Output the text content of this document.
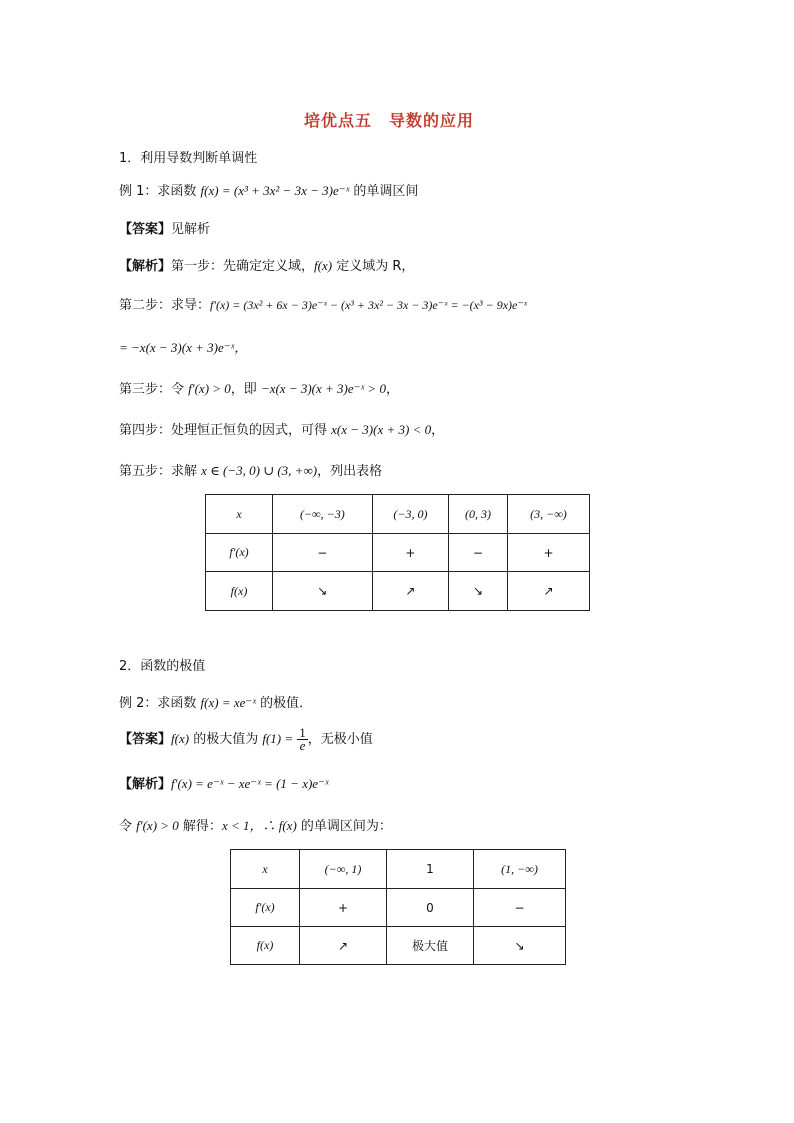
培优点五　导数的应用
1．利用导数判断单调性
例 1：求函数 f(x) = (x³ + 3x² − 3x − 3)e⁻ˣ 的单调区间
【答案】见解析
【解析】第一步：先确定定义域，f(x) 定义域为 R，
第二步：求导：f′(x) = (3x² + 6x − 3)e⁻ˣ − (x³ + 3x² − 3x − 3)e⁻ˣ = −(x³ − 9x)e⁻ˣ
= −x(x − 3)(x + 3)e⁻ˣ，
第三步：令 f′(x) > 0，即 −x(x − 3)(x + 3)e⁻ˣ > 0，
第四步：处理恒正恒负的因式，可得 x(x − 3)(x + 3) < 0，
第五步：求解 x ∈ (−3, 0) ∪ (3, +∞)，列出表格
x	(−∞, −3)	(−3, 0)	(0, 3)	(3, −∞)
f′(x)	−	+	−	+
f(x)	↘	↗	↘	↗
2．函数的极值
例 2：求函数 f(x) = xe⁻ˣ 的极值．
【答案】f(x) 的极大值为 $f(1) = \frac{1}{e}$ ，无极小值
【解析】f′(x) = e⁻ˣ − xe⁻ˣ = (1 − x)e⁻ˣ
令 f′(x) > 0 解得：x < 1，∴ f(x) 的单调区间为：
x	(−∞, 1)	1	(1, −∞)
f′(x)	+	0	−
f(x)	↗	极大值	↘
